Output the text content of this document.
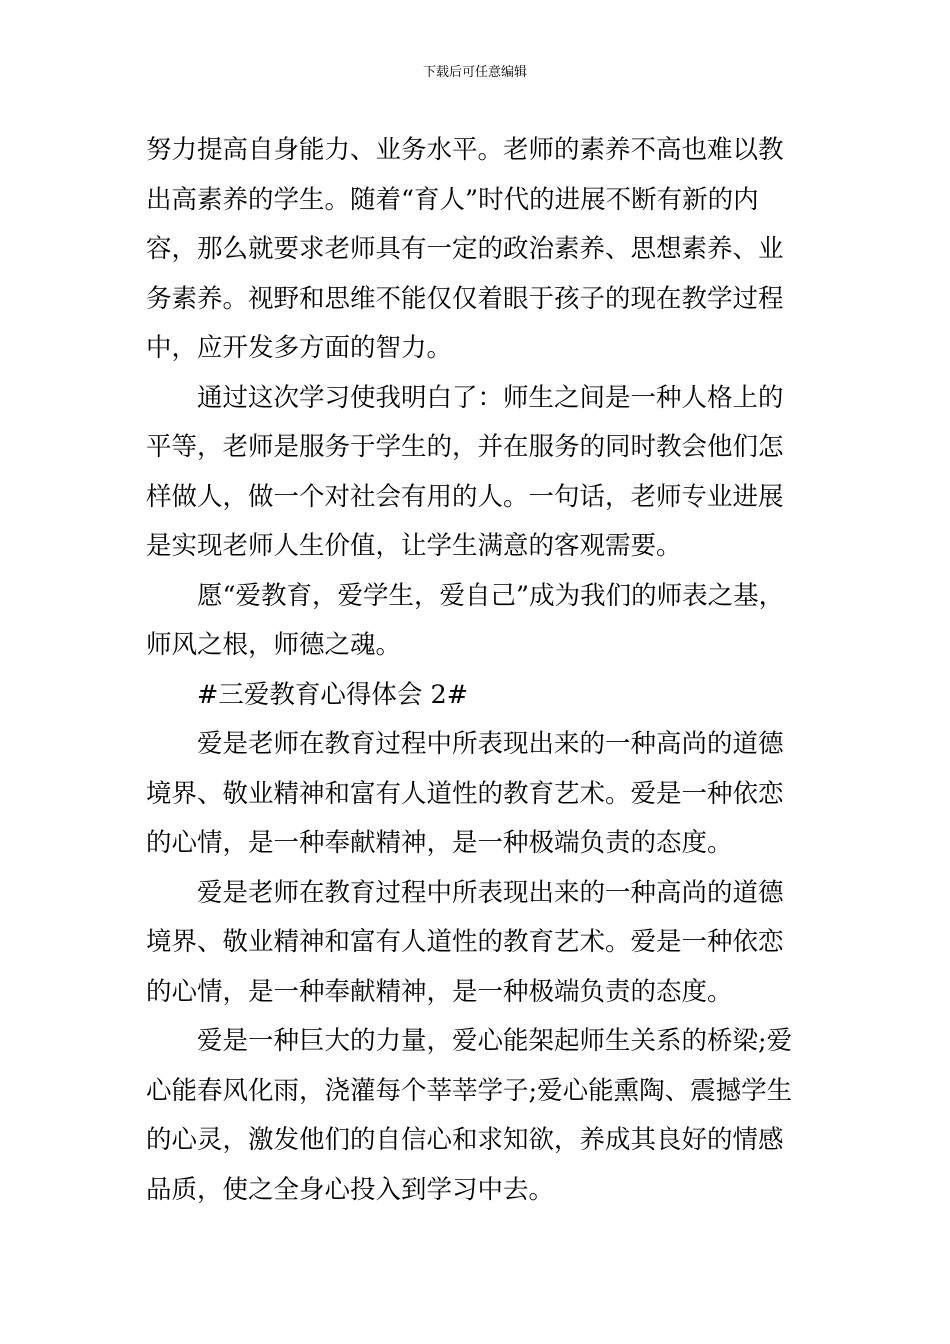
下载后可任意编辑
努力提高自身能力、业务水平。老师的素养不高也难以教
出高素养的学生。随着“育人”时代的进展不断有新的内
容，那么就要求老师具有一定的政治素养、思想素养、业
务素养。视野和思维不能仅仅着眼于孩子的现在教学过程
中，应开发多方面的智力。
通过这次学习使我明白了：师生之间是一种人格上的
平等，老师是服务于学生的，并在服务的同时教会他们怎
样做人，做一个对社会有用的人。一句话，老师专业进展
是实现老师人生价值，让学生满意的客观需要。
愿“爱教育，爱学生，爱自己”成为我们的师表之基，
师风之根，师德之魂。
#三爱教育心得体会 2#
爱是老师在教育过程中所表现出来的一种高尚的道德
境界、敬业精神和富有人道性的教育艺术。爱是一种依恋
的心情，是一种奉献精神，是一种极端负责的态度。
爱是老师在教育过程中所表现出来的一种高尚的道德
境界、敬业精神和富有人道性的教育艺术。爱是一种依恋
的心情，是一种奉献精神，是一种极端负责的态度。
爱是一种巨大的力量，爱心能架起师生关系的桥梁;爱
心能春风化雨，浇灌每个莘莘学子;爱心能熏陶、震撼学生
的心灵，激发他们的自信心和求知欲，养成其良好的情感
品质，使之全身心投入到学习中去。
